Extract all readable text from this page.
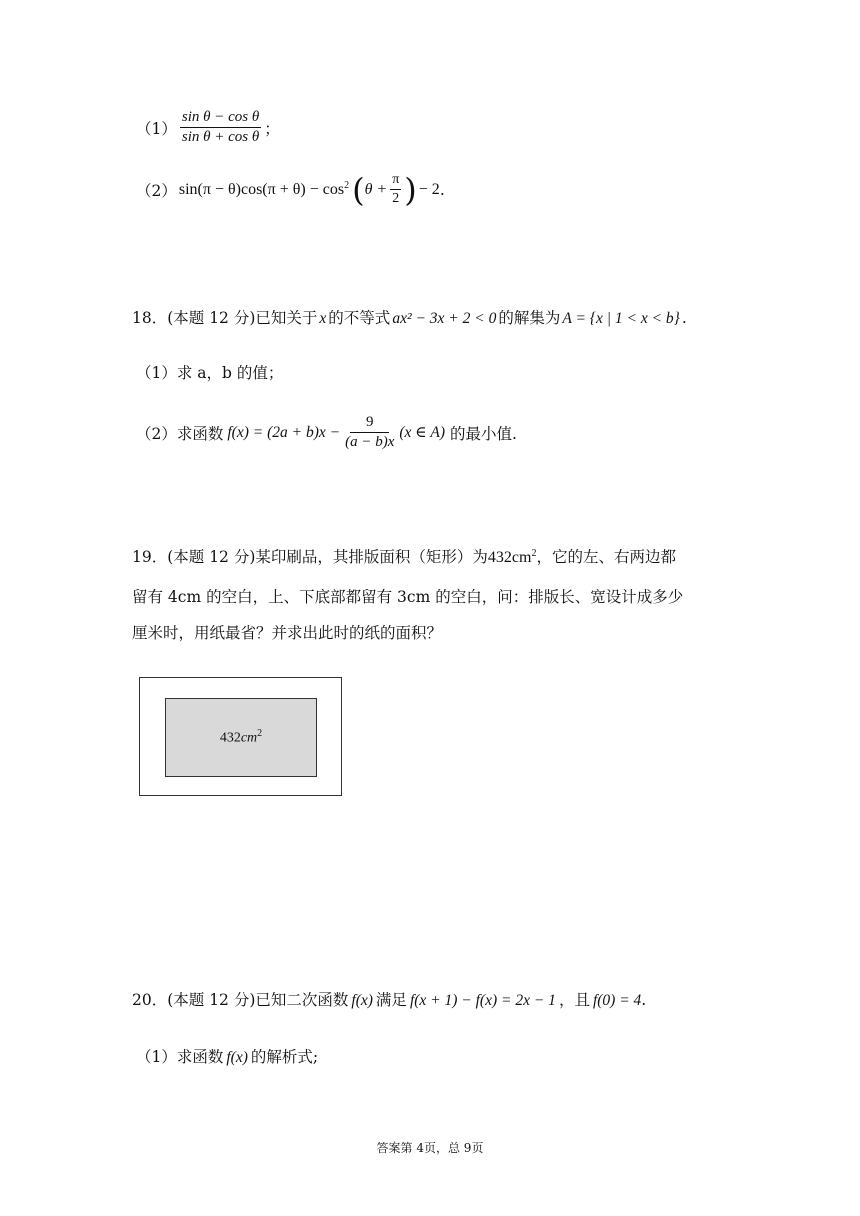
$(1) \frac{\text{sin θ − cos θ}}{\text{sin θ + cos θ}}$ ；
（2） $\sin(\pi - \theta)\cos(\pi + \theta) - \cos^2$ ( $\theta + \frac{\pi}{2}$ ) − 2 .
18．(本题 12 分)已知关于 x 的不等式 ax² − 3x + 2 < 0 的解集为 A = {x | 1 < x < b} .
（1）求 a，b 的值；
（2）求函数 $f(x) = (2a + b)x - \frac{9}{(a - b)x} (x$ ∈ A) 的最小值.
19．(本题 12 分)某印刷品，其排版面积（矩形）为$432cm^2$，它的左、右两边都
留有 4cm 的空白，上、下底部都留有 3cm 的空白，问：排版长、宽设计成多少
厘米时，用纸最省？并求出此时的纸的面积？
$432cm^2$
20．(本题 12 分)已知二次函数 f(x) 满足 f(x + 1) − f(x) = 2x − 1 ，且 f(0) = 4.
（1）求函数 f(x) 的解析式;
答案第 4页，总 9页
